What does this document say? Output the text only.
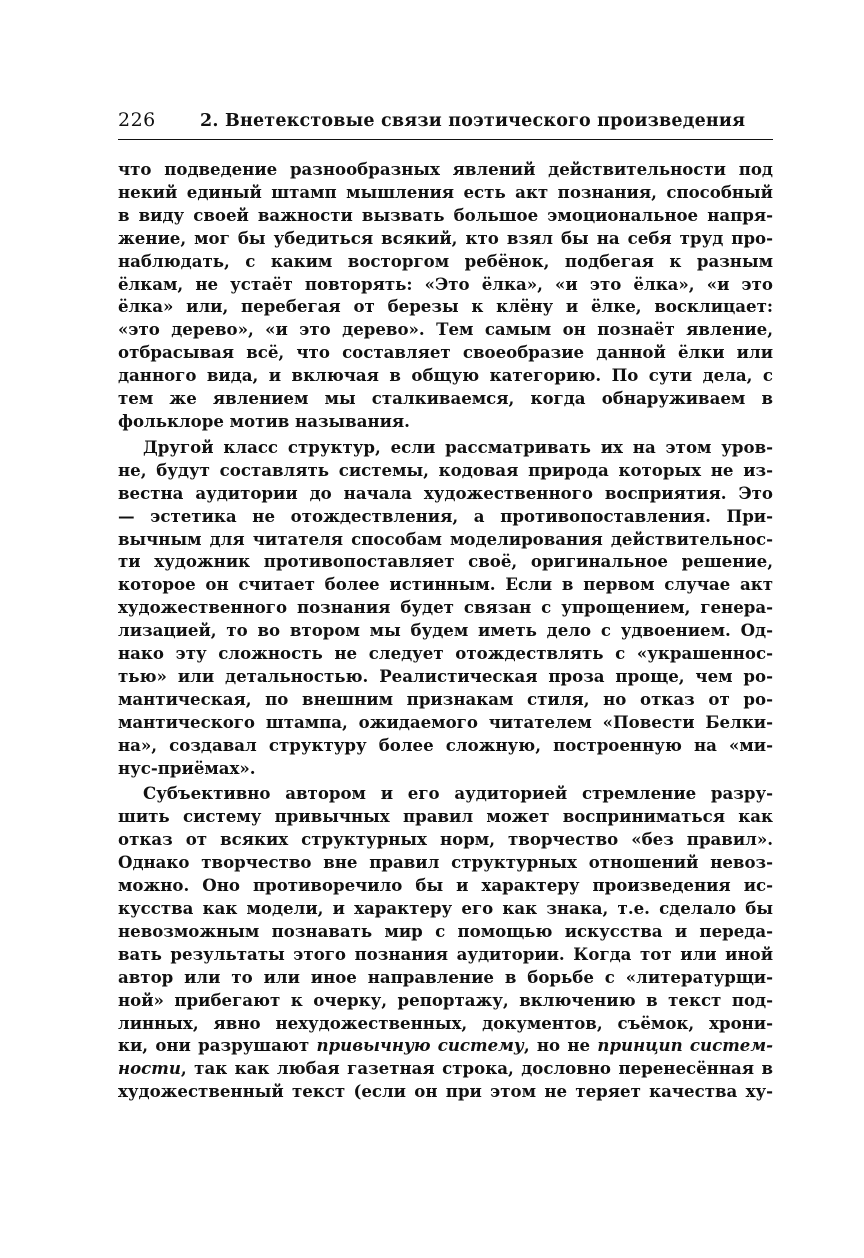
226	2. Внетекстовые связи поэтического произведения

что подведение разнообразных явлений действительности под
некий единый штамп мышления есть акт познания, способный
в виду своей важности вызвать большое эмоциональное напря-
жение, мог бы убедиться всякий, кто взял бы на себя труд про-
наблюдать, с каким восторгом ребёнок, подбегая к разным
ёлкам, не устаёт повторять: «Это ёлка», «и это ёлка», «и это
ёлка» или, перебегая от березы к клёну и ёлке, восклицает:
«это дерево», «и это дерево». Тем самым он познаёт явление,
отбрасывая всё, что составляет своеобразие данной ёлки или
данного вида, и включая в общую категорию. По сути дела, с
тем же явлением мы сталкиваемся, когда обнаруживаем в
фольклоре мотив называния.

Другой класс структур, если рассматривать их на этом уров-
не, будут составлять системы, кодовая природа которых не из-
вестна аудитории до начала художественного восприятия. Это
— эстетика не отождествления, а противопоставления. При-
вычным для читателя способам моделирования действительнос-
ти художник противопоставляет своё, оригинальное решение,
которое он считает более истинным. Если в первом случае акт
художественного познания будет связан с упрощением, генера-
лизацией, то во втором мы будем иметь дело с удвоением. Од-
нако эту сложность не следует отождествлять с «украшеннос-
тью» или детальностью. Реалистическая проза проще, чем ро-
мантическая, по внешним признакам стиля, но отказ от ро-
мантического штампа, ожидаемого читателем «Повести Белки-
на», создавал структуру более сложную, построенную на «ми-
нус-приёмах».

Субъективно автором и его аудиторией стремление разру-
шить систему привычных правил может восприниматься как
отказ от всяких структурных норм, творчество «без правил».
Однако творчество вне правил структурных отношений невоз-
можно. Оно противоречило бы и характеру произведения ис-
кусства как модели, и характеру его как знака, т.е. сделало бы
невозможным познавать мир с помощью искусства и переда-
вать результаты этого познания аудитории. Когда тот или иной
автор или то или иное направление в борьбе с «литературщи-
ной» прибегают к очерку, репортажу, включению в текст под-
линных, явно нехудожественных, документов, съёмок, хрони-
ки, они разрушают привычную систему, но не принцип систем-
ности, так как любая газетная строка, дословно перенесённая в
художественный текст (если он при этом не теряет качества ху-
